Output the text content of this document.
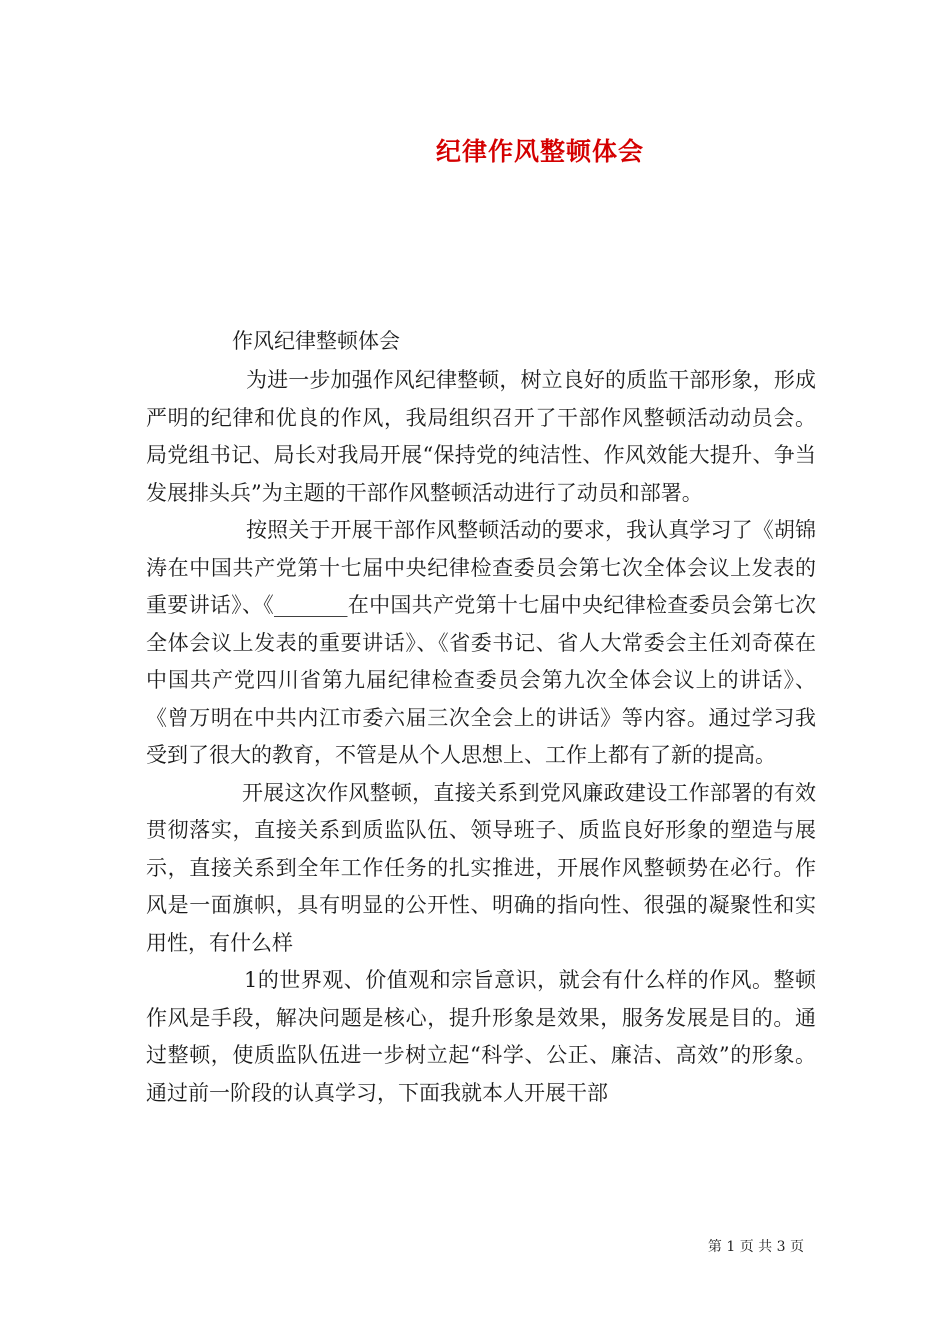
纪律作风整顿体会
作风纪律整顿体会

为进一步加强作风纪律整顿，树立良好的质监干部形象，形成严明的纪律和优良的作风，我局组织召开了干部作风整顿活动动员会。局党组书记、局长对我局开展“保持党的纯洁性、作风效能大提升、争当发展排头兵”为主题的干部作风整顿活动进行了动员和部署。

按照关于开展干部作风整顿活动的要求，我认真学习了《胡锦涛在中国共产党第十七届中央纪律检查委员会第七次全体会议上发表的重要讲话》、《_______在中国共产党第十七届中央纪律检查委员会第七次全体会议上发表的重要讲话》、《省委书记、省人大常委会主任刘奇葆在中国共产党四川省第九届纪律检查委员会第九次全体会议上的讲话》、《曾万明在中共内江市委六届三次全会上的讲话》等内容。通过学习我受到了很大的教育，不管是从个人思想上、工作上都有了新的提高。

开展这次作风整顿，直接关系到党风廉政建设工作部署的有效贯彻落实，直接关系到质监队伍、领导班子、质监良好形象的塑造与展示，直接关系到全年工作任务的扎实推进，开展作风整顿势在必行。作风是一面旗帜，具有明显的公开性、明确的指向性、很强的凝聚性和实用性，有什么样

1的世界观、价值观和宗旨意识，就会有什么样的作风。整顿作风是手段，解决问题是核心，提升形象是效果，服务发展是目的。通过整顿，使质监队伍进一步树立起“科学、公正、廉洁、高效”的形象。通过前一阶段的认真学习，下面我就本人开展干部

第 1 页 共 3 页
